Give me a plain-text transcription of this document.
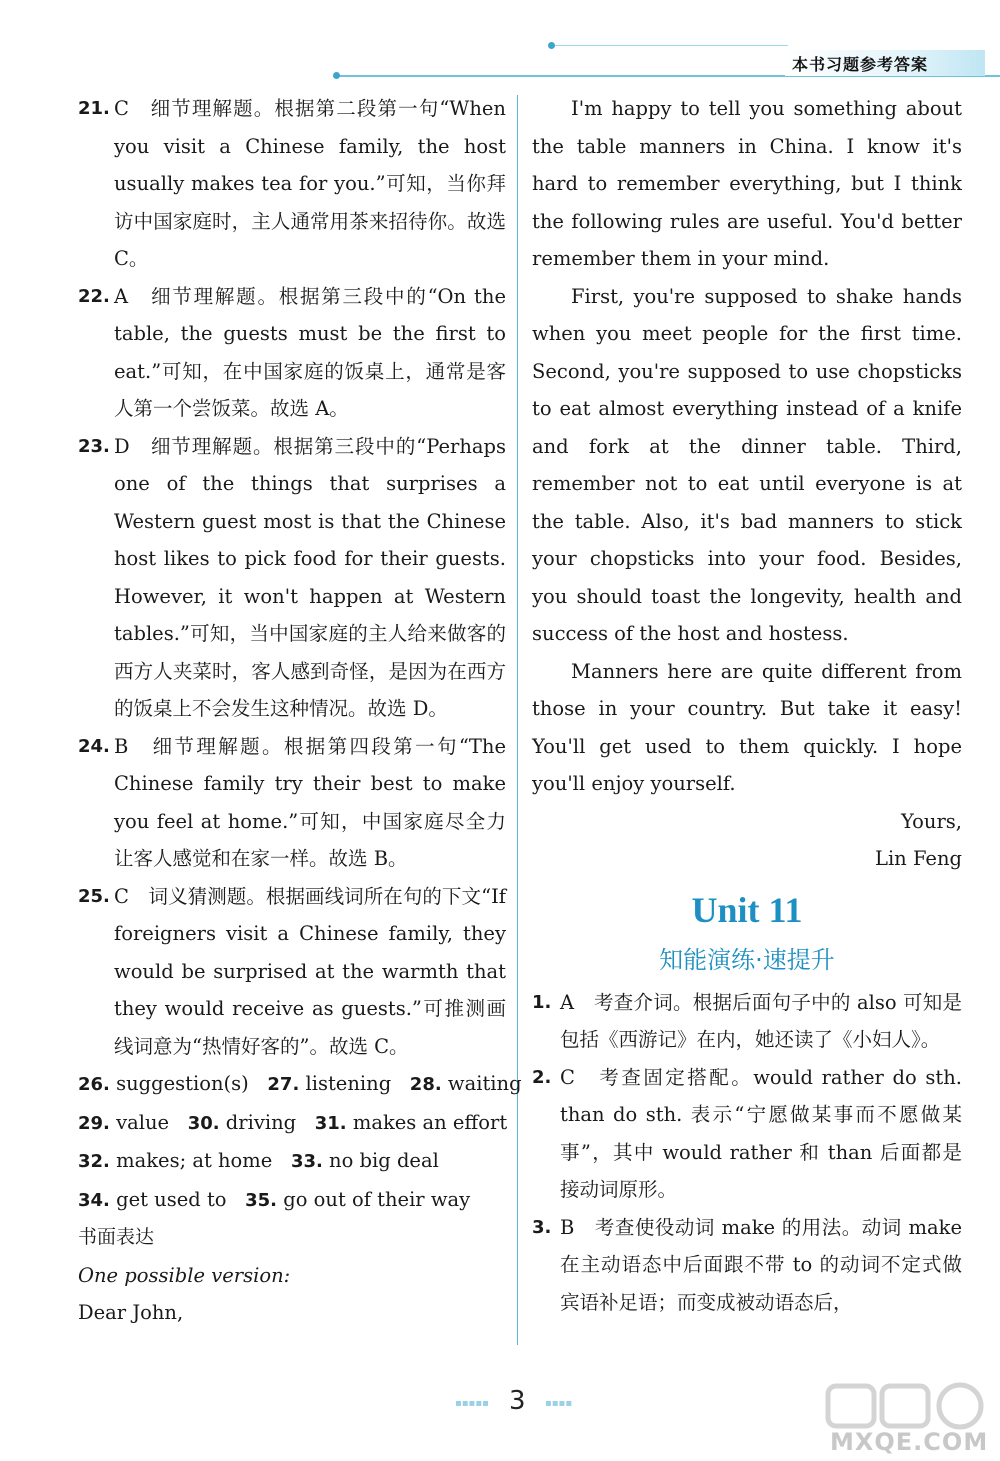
本书习题参考答案
21. C　细节理解题。根据第二段第一句“When you visit a Chinese family, the host usually makes tea for you.”可知，当你拜访中国家庭时，主人通常用茶来招待你。故选 C。
22. A　细节理解题。根据第三段中的“On the table, the guests must be the first to eat.”可知，在中国家庭的饭桌上，通常是客人第一个尝饭菜。故选 A。
23. D　细节理解题。根据第三段中的“Perhaps one of the things that surprises a Western guest most is that the Chinese host likes to pick food for their guests. However, it won't happen at Western tables.”可知，当中国家庭的主人给来做客的西方人夹菜时，客人感到奇怪，是因为在西方的饭桌上不会发生这种情况。故选 D。
24. B　细节理解题。根据第四段第一句“The Chinese family try their best to make you feel at home.”可知，中国家庭尽全力让客人感觉和在家一样。故选 B。
25. C　词义猜测题。根据画线词所在句的下文“If foreigners visit a Chinese family, they would be surprised at the warmth that they would receive as guests.”可推测画线词意为“热情好客的”。故选 C。
26. suggestion(s) 27. listening 28. waiting
29. value 30. driving 31. makes an effort
32. makes; at home 33. no big deal
34. get used to 35. go out of their way
书面表达
One possible version:
Dear John,
I'm happy to tell you something about the table manners in China. I know it's hard to remember everything, but I think the following rules are useful. You'd better remember them in your mind.
First, you're supposed to shake hands when you meet people for the first time. Second, you're supposed to use chopsticks to eat almost everything instead of a knife and fork at the dinner table. Third, remember not to eat until everyone is at the table. Also, it's bad manners to stick your chopsticks into your food. Besides, you should toast the longevity, health and success of the host and hostess.
Manners here are quite different from those in your country. But take it easy! You'll get used to them quickly. I hope you'll enjoy yourself.
Yours,
Lin Feng
Unit 11
知能演练·速提升
1. A　考查介词。根据后面句子中的 also 可知是包括《西游记》在内，她还读了《小妇人》。
2. C　考查固定搭配。would rather do sth. than do sth. 表示“宁愿做某事而不愿做某事”，其中 would rather 和 than 后面都是接动词原形。
3. B　考查使役动词 make 的用法。动词 make 在主动语态中后面跟不带 to 的动词不定式做宾语补足语；而变成被动语态后，
▪▪▪▪▪ 3 ▪▪▪▪
MXQE.COM
